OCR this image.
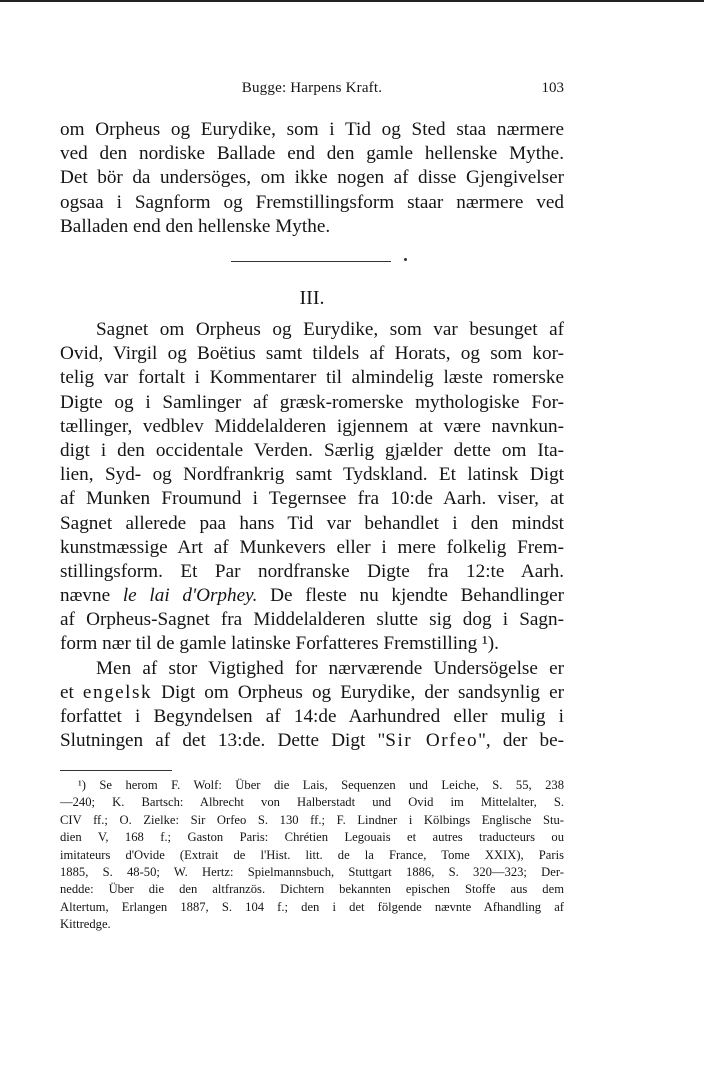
Bugge: Harpens Kraft.	103
om Orpheus og Eurydike, som i Tid og Sted staa nærmere
ved den nordiske Ballade end den gamle hellenske Mythe.
Det bör da undersöges, om ikke nogen af disse Gjengivelser
ogsaa i Sagnform og Fremstillingsform staar nærmere ved
Balladen end den hellenske Mythe.
III.
Sagnet om Orpheus og Eurydike, som var besunget af
Ovid, Virgil og Boëtius samt tildels af Horats, og som kor-
telig var fortalt i Kommentarer til almindelig læste romerske
Digte og i Samlinger af græsk-romerske mythologiske For-
tællinger, vedblev Middelalderen igjennem at være navnkun-
digt i den occidentale Verden. Særlig gjælder dette om Ita-
lien, Syd- og Nordfrankrig samt Tydskland. Et latinsk Digt
af Munken Froumund i Tegernsee fra 10:de Aarh. viser, at
Sagnet allerede paa hans Tid var behandlet i den mindst
kunstmæssige Art af Munkevers eller i mere folkelig Frem-
stillingsform. Et Par nordfranske Digte fra 12:te Aarh.
nævne le lai d'Orphey. De fleste nu kjendte Behandlinger
af Orpheus-Sagnet fra Middelalderen slutte sig dog i Sagn-
form nær til de gamle latinske Forfatteres Fremstilling ¹).
Men af stor Vigtighed for nærværende Undersögelse er
et engelsk Digt om Orpheus og Eurydike, der sandsynlig er
forfattet i Begyndelsen af 14:de Aarhundred eller mulig i
Slutningen af det 13:de. Dette Digt "Sir Orfeo", der be-
¹) Se herom F. Wolf: Über die Lais, Sequenzen und Leiche, S. 55, 238
—240; K. Bartsch: Albrecht von Halberstadt und Ovid im Mittelalter, S.
CIV ff.; O. Zielke: Sir Orfeo S. 130 ff.; F. Lindner i Kölbings Englische Stu-
dien V, 168 f.; Gaston Paris: Chrétien Legouais et autres traducteurs ou
imitateurs d'Ovide (Extrait de l'Hist. litt. de la France, Tome XXIX), Paris
1885, S. 48-50; W. Hertz: Spielmannsbuch, Stuttgart 1886, S. 320—323; Der-
nedde: Über die den altfranzös. Dichtern bekannten epischen Stoffe aus dem
Altertum, Erlangen 1887, S. 104 f.; den i det fölgende nævnte Afhandling af
Kittredge.
